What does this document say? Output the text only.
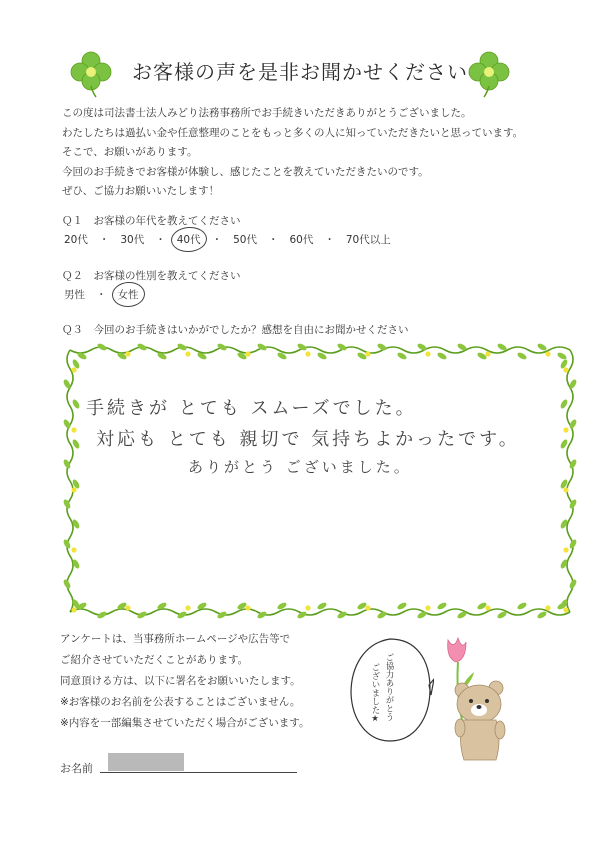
お客様の声を是非お聞かせください
この度は司法書士法人みどり法務事務所でお手続きいただきありがとうございました。
わたしたちは過払い金や任意整理のことをもっと多くの人に知っていただきたいと思っています。
そこで、お願いがあります。
今回のお手続きでお客様が体験し、感じたことを教えていただきたいのです。
ぜひ、ご協力お願いいたします！
Ｑ１　お客様の年代を教えてください
20代	・	30代	・	40代	・	50代	・	60代	・	70代以上
Ｑ２　お客様の性別を教えてください
男性	・	女性
Ｑ３　今回のお手続きはいかがでしたか？感想を自由にお聞かせください
手続きが とても スムーズでした。
対応も とても 親切で 気持ちよかったです。
ありがとう ございました。
アンケートは、当事務所ホームページや広告等で
ご紹介させていただくことがあります。
同意頂ける方は、以下に署名をお願いいたします。
※お客様のお名前を公表することはございません。
※内容を一部編集させていただく場合がございます。
お名前
ご協力ありがとう
ございました★
